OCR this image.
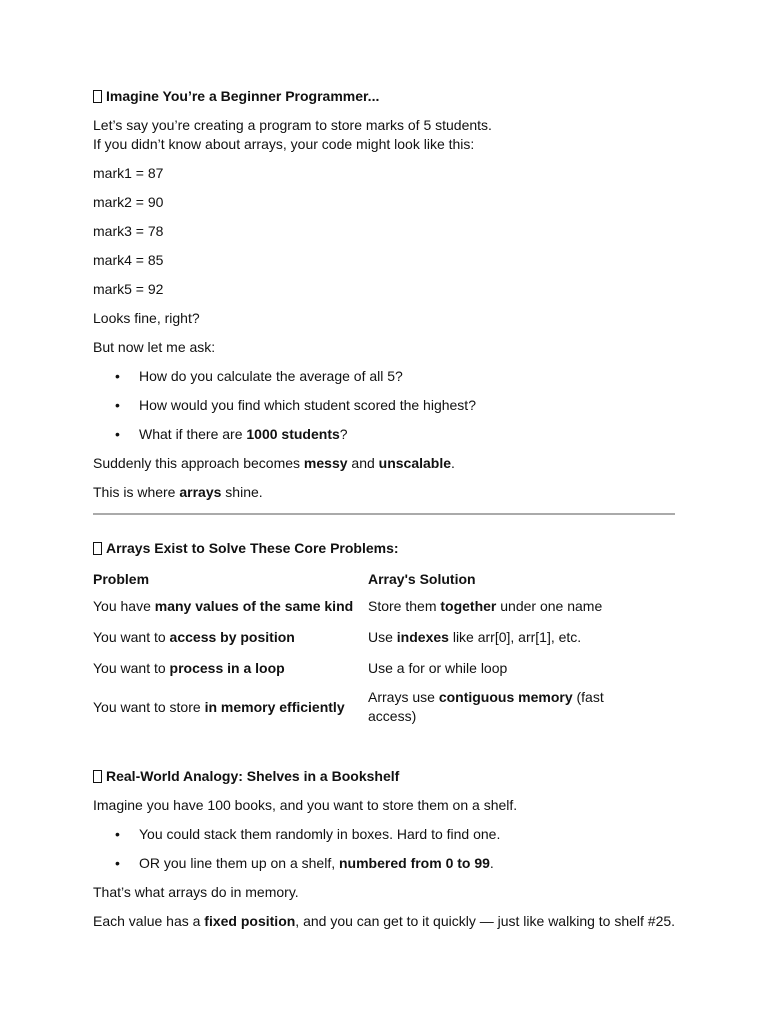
Imagine You’re a Beginner Programmer...

Let’s say you’re creating a program to store marks of 5 students.

If you didn’t know about arrays, your code might look like this:

mark1 = 87

mark2 = 90

mark3 = 78

mark4 = 85

mark5 = 92

Looks fine, right?

But now let me ask:

• How do you calculate the average of all 5?
• How would you find which student scored the highest?
• What if there are 1000 students?

Suddenly this approach becomes messy and unscalable.

This is where arrays shine.

Arrays Exist to Solve These Core Problems:
Problem	Array's Solution
You have many values of the same kind	Store them together under one name
You want to access by position	Use indexes like arr[0], arr[1], etc.
You want to process in a loop	Use a for or while loop
You want to store in memory efficiently	Arrays use contiguous memory (fast access)
Real-World Analogy: Shelves in a Bookshelf

Imagine you have 100 books, and you want to store them on a shelf.

• You could stack them randomly in boxes. Hard to find one.
• OR you line them up on a shelf, numbered from 0 to 99.

That’s what arrays do in memory.

Each value has a fixed position, and you can get to it quickly — just like walking to shelf #25.
